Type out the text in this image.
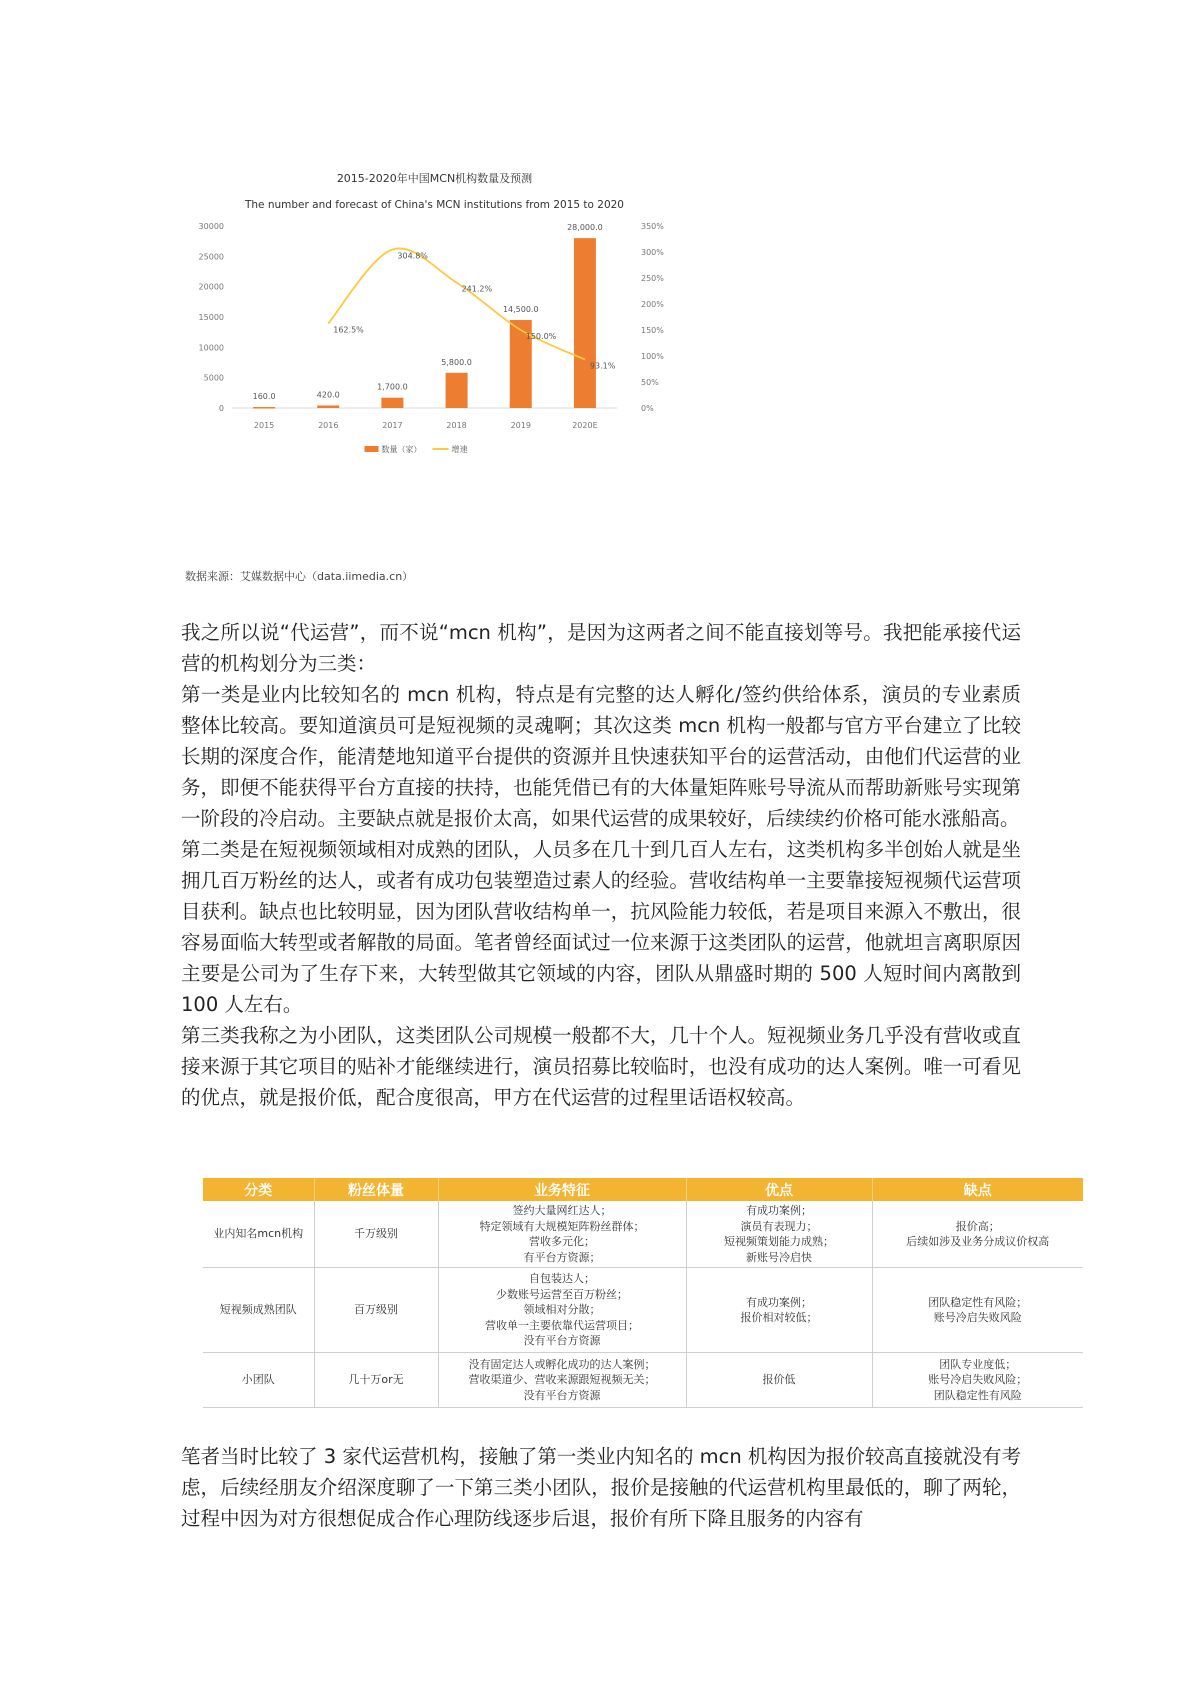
2015-2020年中国MCN机构数量及预测
The number and forecast of China's MCN institutions from 2015 to 2020
30000
25000
20000
15000
10000
5000
0
350%
300%
250%
200%
150%
100%
50%
0%
160.0	420.0
1,700.0
5,800.0
14,500.0
28,000.0
2015	2016	2017	2018	2019	2020E
162.5%
304.8%
241.2%
150.0%
93.1%
数量（家）	增速
数据来源：艾媒数据中心（data.iimedia.cn）

我之所以说“代运营”，而不说“mcn 机构”，是因为这两者之间不能直接划等号。我把能承接代运营的机构划分为三类：

第一类是业内比较知名的 mcn 机构，特点是有完整的达人孵化/签约供给体系，演员的专业素质整体比较高。要知道演员可是短视频的灵魂啊；其次这类 mcn 机构一般都与官方平台建立了比较长期的深度合作，能清楚地知道平台提供的资源并且快速获知平台的运营活动，由他们代运营的业务，即便不能获得平台方直接的扶持，也能凭借已有的大体量矩阵账号导流从而帮助新账号实现第一阶段的冷启动。主要缺点就是报价太高，如果代运营的成果较好，后续续约价格可能水涨船高。

第二类是在短视频领域相对成熟的团队，人员多在几十到几百人左右，这类机构多半创始人就是坐拥几百万粉丝的达人，或者有成功包装塑造过素人的经验。营收结构单一主要靠接短视频代运营项目获利。缺点也比较明显，因为团队营收结构单一，抗风险能力较低，若是项目来源入不敷出，很容易面临大转型或者解散的局面。笔者曾经面试过一位来源于这类团队的运营，他就坦言离职原因主要是公司为了生存下来，大转型做其它领域的内容，团队从鼎盛时期的 500 人短时间内离散到 100 人左右。

第三类我称之为小团队，这类团队公司规模一般都不大，几十个人。短视频业务几乎没有营收或直接来源于其它项目的贴补才能继续进行，演员招募比较临时，也没有成功的达人案例。唯一可看见的优点，就是报价低，配合度很高，甲方在代运营的过程里话语权较高。

分类	粉丝体量	业务特征	优点	缺点
业内知名mcn机构	千万级别	签约大量网红达人；
特定领域有大规模矩阵粉丝群体；
营收多元化；
有平台方资源；	有成功案例；
演员有表现力；
短视频策划能力成熟；
新账号冷启快	报价高；
后续如涉及业务分成议价权高

短视频成熟团队	百万级别	自包装达人；
少数账号运营至百万粉丝；
领域相对分散；
营收单一主要依靠代运营项目；
没有平台方资源	有成功案例；
报价相对较低；	团队稳定性有风险；
账号冷启失败风险

小团队	几十万or无	没有固定达人或孵化成功的达人案例；
营收渠道少、营收来源跟短视频无关；
没有平台方资源	报价低	团队专业度低；
账号冷启失败风险；
团队稳定性有风险

笔者当时比较了 3 家代运营机构，接触了第一类业内知名的 mcn 机构因为报价较高直接就没有考虑，后续经朋友介绍深度聊了一下第三类小团队，报价是接触的代运营机构里最低的，聊了两轮，过程中因为对方很想促成合作心理防线逐步后退，报价有所下降且服务的内容有
